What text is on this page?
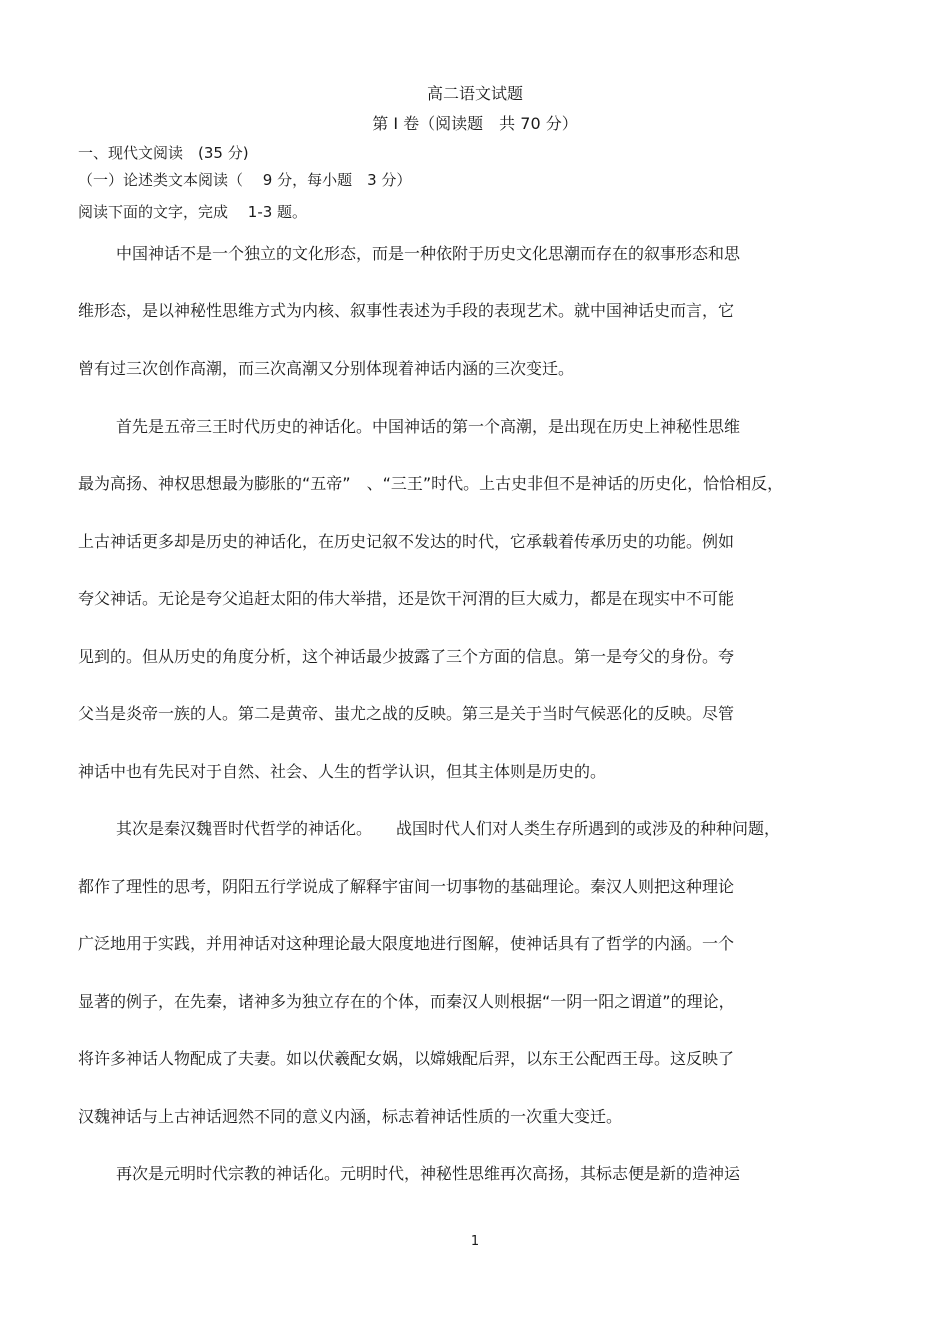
高二语文试题
第 I 卷（阅读题　共 70 分）
一、现代文阅读　(35 分)
（一）论述类文本阅读（　 9 分，每小题　3 分）
阅读下面的文字，完成　 1-3 题。
中国神话不是一个独立的文化形态，而是一种依附于历史文化思潮而存在的叙事形态和思
维形态，是以神秘性思维方式为内核、叙事性表述为手段的表现艺术。就中国神话史而言，它
曾有过三次创作高潮，而三次高潮又分别体现着神话内涵的三次变迁。
首先是五帝三王时代历史的神话化。中国神话的第一个高潮，是出现在历史上神秘性思维
最为高扬、神权思想最为膨胀的“五帝”　、“三王”时代。上古史非但不是神话的历史化，恰恰相反，
上古神话更多却是历史的神话化，在历史记叙不发达的时代，它承载着传承历史的功能。例如
夸父神话。无论是夸父追赶太阳的伟大举措，还是饮干河渭的巨大威力，都是在现实中不可能
见到的。但从历史的角度分析，这个神话最少披露了三个方面的信息。第一是夸父的身份。夸
父当是炎帝一族的人。第二是黄帝、蚩尤之战的反映。第三是关于当时气候恶化的反映。尽管
神话中也有先民对于自然、社会、人生的哲学认识，但其主体则是历史的。
其次是秦汉魏晋时代哲学的神话化。　　战国时代人们对人类生存所遇到的或涉及的种种问题，
都作了理性的思考，阴阳五行学说成了解释宇宙间一切事物的基础理论。秦汉人则把这种理论
广泛地用于实践，并用神话对这种理论最大限度地进行图解，使神话具有了哲学的内涵。一个
显著的例子，在先秦，诸神多为独立存在的个体，而秦汉人则根据“一阴一阳之谓道”的理论，
将许多神话人物配成了夫妻。如以伏羲配女娲，以嫦娥配后羿，以东王公配西王母。这反映了
汉魏神话与上古神话迥然不同的意义内涵，标志着神话性质的一次重大变迁。
再次是元明时代宗教的神话化。元明时代，神秘性思维再次高扬，其标志便是新的造神运
1
